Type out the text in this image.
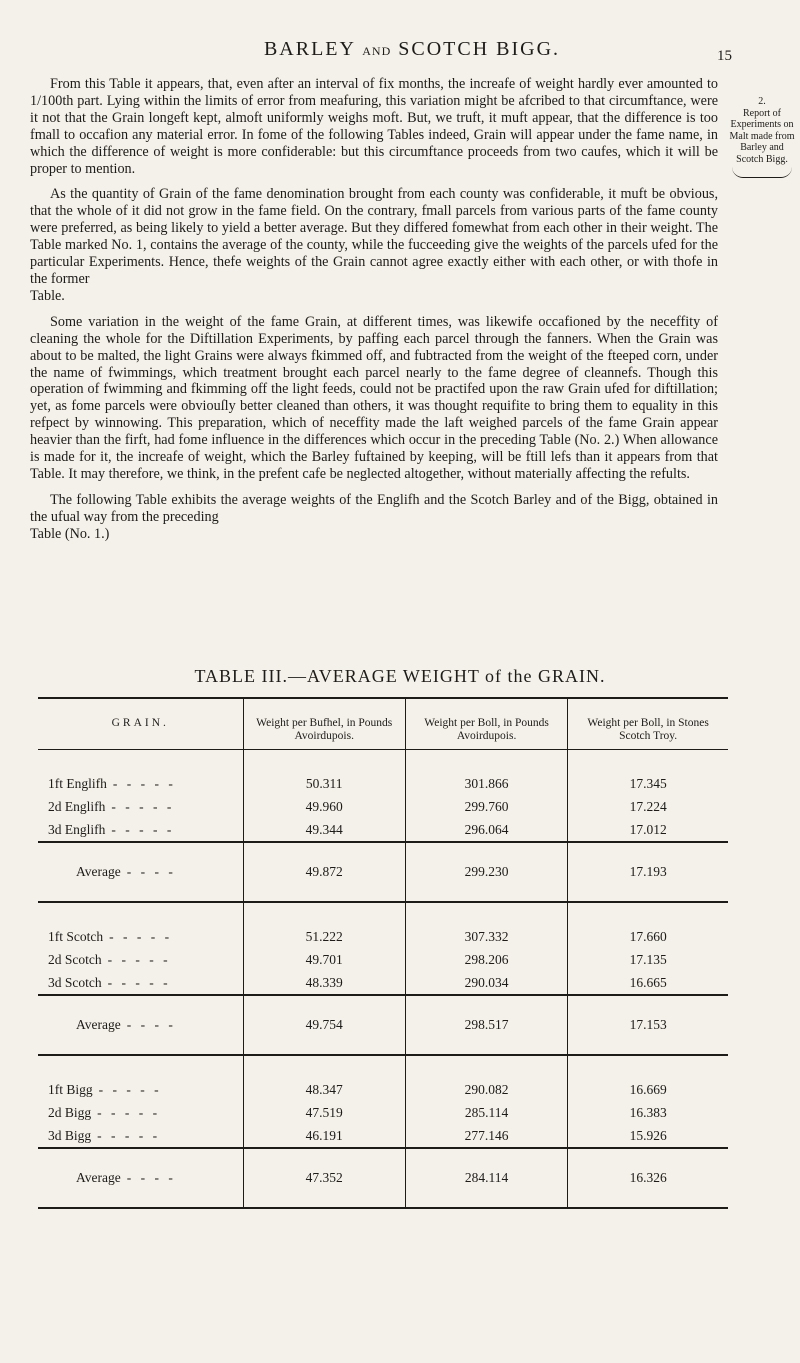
BARLEY AND SCOTCH BIGG.	15

From this Table it appears, that, even after an interval of fix months, the increafe of weight hardly ever amounted to 1/100th part. Lying within the limits of error from meafuring, this variation might be afcribed to that circumftance, were it not that the Grain longeft kept, almoft uniformly weighs moft. But, we truft, it muft appear, that the difference is too fmall to occafion any material error. In fome of the following Tables indeed, Grain will appear under the fame name, in which the difference of weight is more confiderable: but this circumftance proceeds from two caufes, which it will be proper to mention.

As the quantity of Grain of the fame denomination brought from each county was confiderable, it muft be obvious, that the whole of it did not grow in the fame field. On the contrary, fmall parcels from various parts of the fame county were preferred, as being likely to yield a better average. But they differed fomewhat from each other in their weight. The Table marked No. 1, contains the average of the county, while the fucceeding give the weights of the parcels ufed for the particular Experiments. Hence, thefe weights of the Grain cannot agree exactly either with each other, or with thofe in the former
Table.

Some variation in the weight of the fame Grain, at different times, was likewife occafioned by the neceffity of cleaning the whole for the Diftillation Experiments, by paffing each parcel through the fanners. When the Grain was about to be malted, the light Grains were always fkimmed off, and fubtracted from the weight of the fteeped corn, under the name of fwimmings, which treatment brought each parcel nearly to the fame degree of cleannefs. Though this operation of fwimming and fkimming off the light feeds, could not be practifed upon the raw Grain ufed for diftillation; yet, as fome parcels were obviouſly better cleaned than others, it was thought requifite to bring them to equality in this refpect by winnowing. This preparation, which of neceffity made the laft weighed parcels of the fame Grain appear heavier than the firft, had fome influence in the differences which occur in the preceding Table (No. 2.) When allowance is made for it, the increafe of weight, which the Barley fuftained by keeping, will be ftill lefs than it appears from that Table. It may therefore, we think, in the prefent cafe be neglected altogether, without materially affecting the refults.

The following Table exhibits the average weights of the Englifh and the Scotch Barley and of the Bigg, obtained in the ufual way from the preceding
Table (No. 1.)

2.
Report of Experiments on Malt made from Barley and Scotch Bigg.
TABLE III.—AVERAGE WEIGHT of the GRAIN.
GRAIN.	Weight per Bufhel, in Pounds Avoirdupois.	Weight per Boll, in Pounds Avoirdupois.	Weight per Boll, in Stones Scotch Troy.
1ft Englifh - - - - -	50.311	301.866	17.345
2d Englifh - - - - -	49.960	299.760	17.224
3d Englifh - - - - -	49.344	296.064	17.012
Average - - - -	49.872	299.230	17.193
1ft Scotch - - - - -	51.222	307.332	17.660
2d Scotch - - - - -	49.701	298.206	17.135
3d Scotch - - - - -	48.339	290.034	16.665
Average - - - -	49.754	298.517	17.153
1ft Bigg - - - - -	48.347	290.082	16.669
2d Bigg - - - - -	47.519	285.114	16.383
3d Bigg - - - - -	46.191	277.146	15.926
Average - - - -	47.352	284.114	16.326
